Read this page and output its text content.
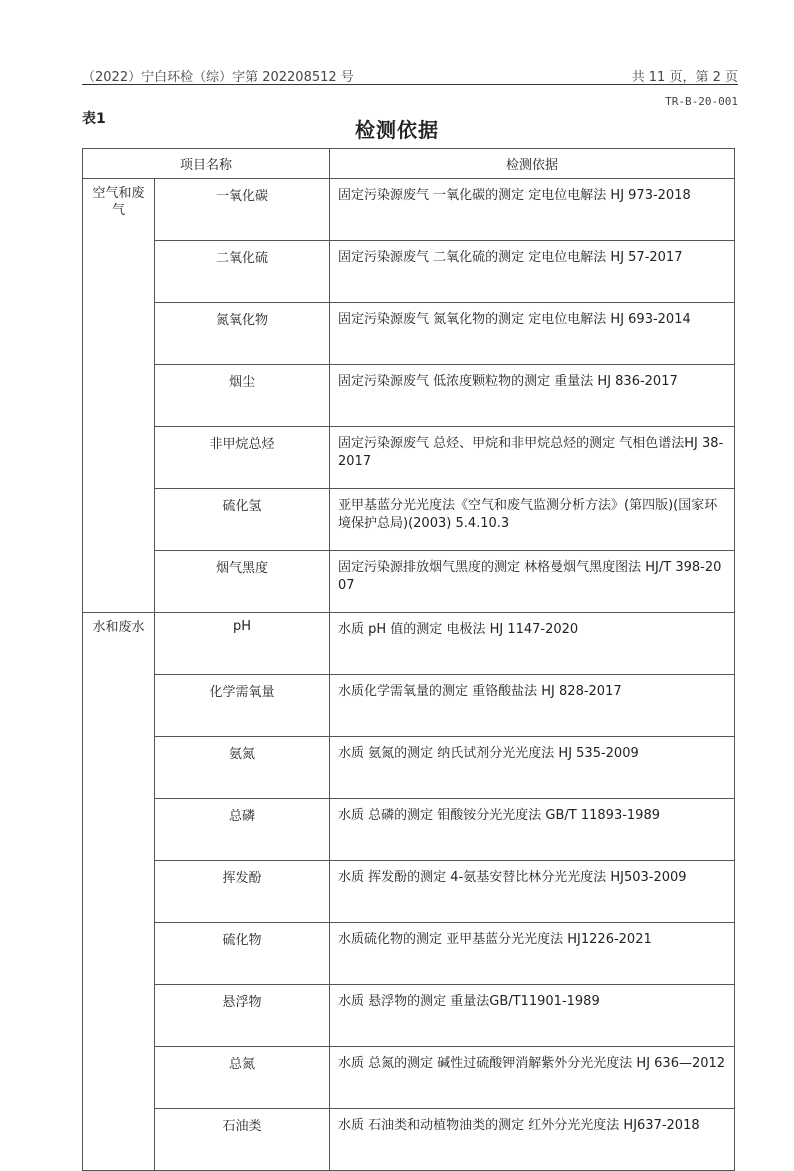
（2022）宁白环检（综）字第 202208512 号	共 11 页，第 2 页
TR-B-20-001
表1	检测依据
项目名称		检测依据
空气和废气	一氧化碳	固定污染源废气 一氧化碳的测定 定电位电解法 HJ 973-2018
	二氧化硫	固定污染源废气 二氧化硫的测定 定电位电解法 HJ 57-2017
	氮氧化物	固定污染源废气 氮氧化物的测定 定电位电解法 HJ 693-2014
	烟尘	固定污染源废气 低浓度颗粒物的测定 重量法 HJ 836-2017
	非甲烷总烃	固定污染源废气 总烃、甲烷和非甲烷总烃的测定 气相色谱法HJ 38-2017
	硫化氢	亚甲基蓝分光光度法《空气和废气监测分析方法》(第四版)(国家环境保护总局)(2003) 5.4.10.3
	烟气黑度	固定污染源排放烟气黑度的测定 林格曼烟气黑度图法 HJ/T 398-2007
水和废水	pH	水质 pH 值的测定 电极法 HJ 1147-2020
	化学需氧量	水质化学需氧量的测定 重铬酸盐法 HJ 828-2017
	氨氮	水质 氨氮的测定 纳氏试剂分光光度法 HJ 535-2009
	总磷	水质 总磷的测定 钼酸铵分光光度法 GB/T 11893-1989
	挥发酚	水质 挥发酚的测定 4-氨基安替比林分光光度法 HJ503-2009
	硫化物	水质硫化物的测定 亚甲基蓝分光光度法 HJ1226-2021
	悬浮物	水质 悬浮物的测定 重量法GB/T11901-1989
	总氮	水质 总氮的测定 碱性过硫酸钾消解紫外分光光度法 HJ 636—2012
	石油类	水质 石油类和动植物油类的测定 红外分光光度法 HJ637-2018
